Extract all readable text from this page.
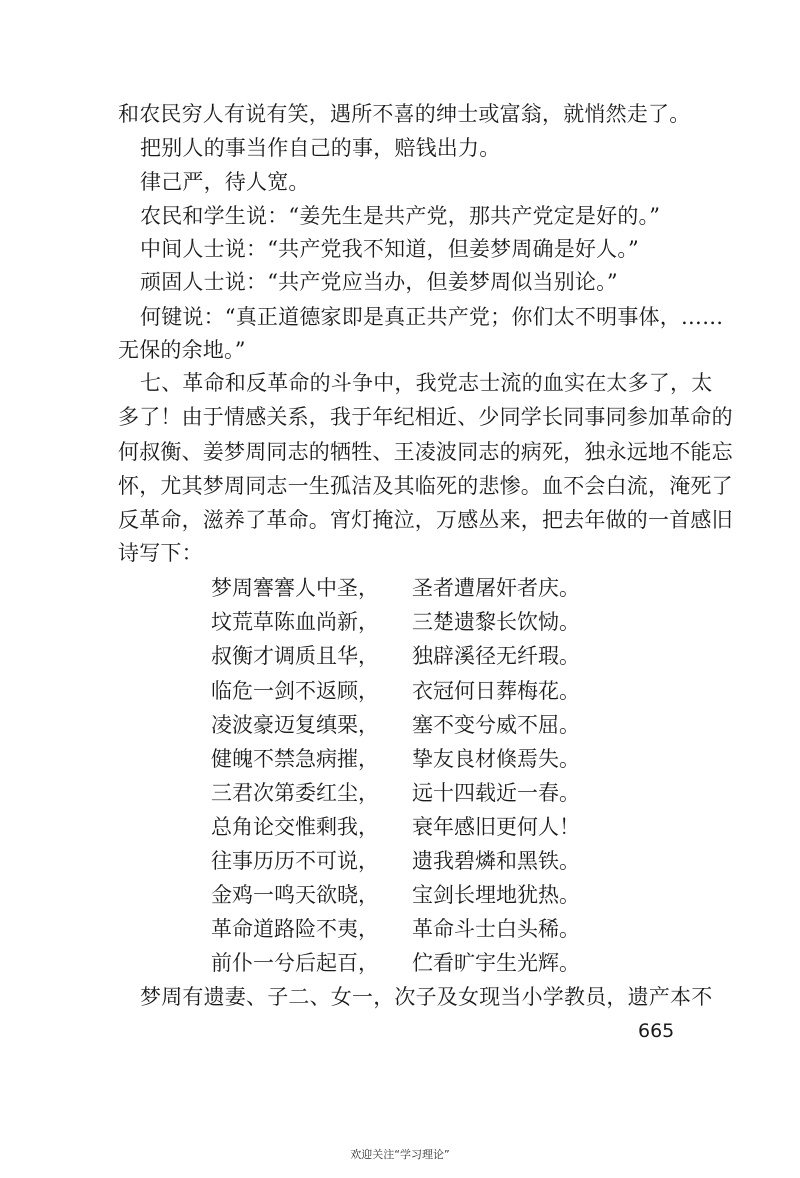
和农民穷人有说有笑，遇所不喜的绅士或富翁，就悄然走了。
把别人的事当作自己的事，赔钱出力。
律己严，待人宽。
农民和学生说：“姜先生是共产党，那共产党定是好的。”
中间人士说：“共产党我不知道，但姜梦周确是好人。”
顽固人士说：“共产党应当办，但姜梦周似当别论。”
何键说：“真正道德家即是真正共产党；你们太不明事体，……
无保的余地。”
七、革命和反革命的斗争中，我党志士流的血实在太多了，太
多了！由于情感关系，我于年纪相近、少同学长同事同参加革命的
何叔衡、姜梦周同志的牺牲、王凌波同志的病死，独永远地不能忘
怀，尤其梦周同志一生孤洁及其临死的悲惨。血不会白流，淹死了
反革命，滋养了革命。宵灯掩泣，万感丛来，把去年做的一首感旧
诗写下：
梦周謇謇人中圣， 圣者遭屠奸者庆。
坟荒草陈血尚新， 三楚遗黎长饮恸。
叔衡才调质且华， 独辟溪径无纤瑕。
临危一剑不返顾， 衣冠何日葬梅花。
凌波豪迈复缜栗， 塞不变兮威不屈。
健魄不禁急病摧， 挚友良材倏焉失。
三君次第委红尘， 远十四载近一春。
总角论交惟剩我， 衰年感旧更何人！
往事历历不可说， 遗我碧燐和黑铁。
金鸡一鸣天欲晓， 宝剑长埋地犹热。
革命道路险不夷， 革命斗士白头稀。
前仆一兮后起百， 伫看旷宇生光辉。
梦周有遗妻、子二、女一，次子及女现当小学教员，遗产本不
665
欢迎关注“学习理论”
